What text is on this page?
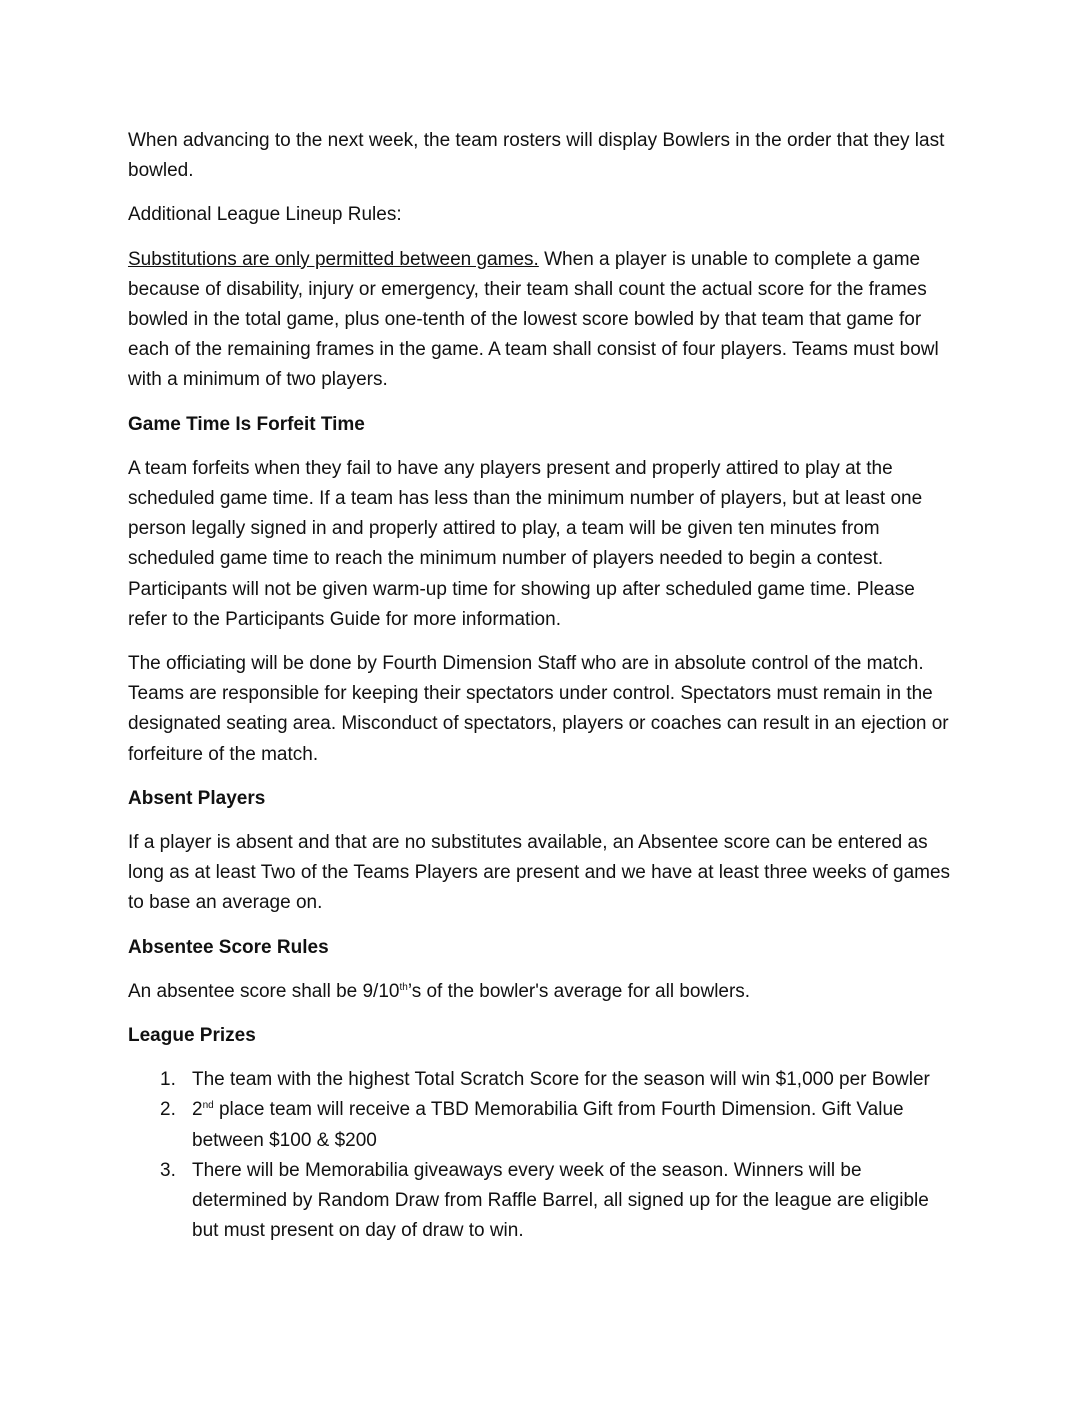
When advancing to the next week, the team rosters will display Bowlers in the order that they last bowled.

Additional League Lineup Rules:

Substitutions are only permitted between games. When a player is unable to complete a game because of disability, injury or emergency, their team shall count the actual score for the frames bowled in the total game, plus one-tenth of the lowest score bowled by that team that game for each of the remaining frames in the game. A team shall consist of four players. Teams must bowl with a minimum of two players.

Game Time Is Forfeit Time

A team forfeits when they fail to have any players present and properly attired to play at the scheduled game time. If a team has less than the minimum number of players, but at least one person legally signed in and properly attired to play, a team will be given ten minutes from scheduled game time to reach the minimum number of players needed to begin a contest. Participants will not be given warm-up time for showing up after scheduled game time. Please refer to the Participants Guide for more information.

The officiating will be done by Fourth Dimension Staff who are in absolute control of the match. Teams are responsible for keeping their spectators under control. Spectators must remain in the designated seating area. Misconduct of spectators, players or coaches can result in an ejection or forfeiture of the match.

Absent Players

If a player is absent and that are no substitutes available, an Absentee score can be entered as long as at least Two of the Teams Players are present and we have at least three weeks of games to base an average on.

Absentee Score Rules

An absentee score shall be 9/10th’s of the bowler's average for all bowlers.

League Prizes
1. The team with the highest Total Scratch Score for the season will win $1,000 per Bowler
2. 2nd place team will receive a TBD Memorabilia Gift from Fourth Dimension. Gift Value between $100 & $200
3. There will be Memorabilia giveaways every week of the season. Winners will be determined by Random Draw from Raffle Barrel, all signed up for the league are eligible but must present on day of draw to win.
